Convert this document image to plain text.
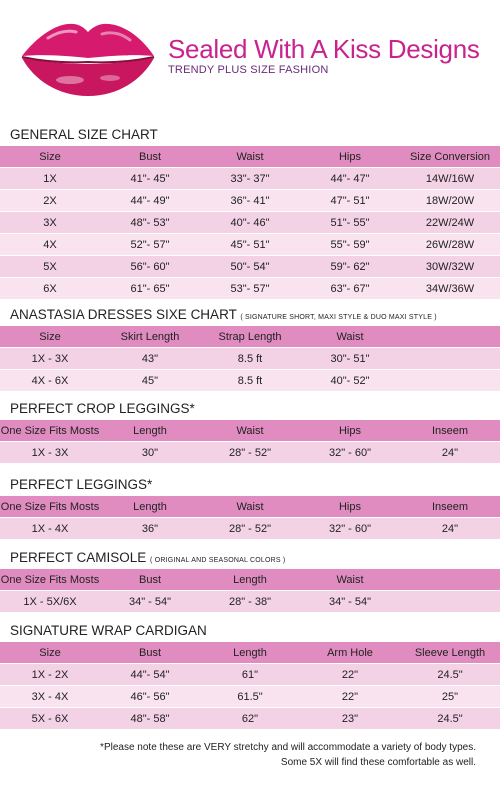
Sealed With A Kiss Designs
TRENDY PLUS SIZE FASHION
GENERAL SIZE CHART
Size	Bust	Waist	Hips	Size Conversion
1X	41"- 45"	33"- 37"	44"- 47"	14W/16W
2X	44"- 49"	36"- 41"	47"- 51"	18W/20W
3X	48"- 53"	40"- 46"	51"- 55"	22W/24W
4X	52"- 57"	45"- 51"	55"- 59"	26W/28W
5X	56"- 60"	50"- 54"	59"- 62"	30W/32W
6X	61"- 65"	53"- 57"	63"- 67"	34W/36W
ANASTASIA DRESSES SIXE CHART ( SIGNATURE SHORT, MAXI STYLE & DUO MAXI STYLE )
Size	Skirt Length	Strap Length	Waist	
1X - 3X	43"	8.5 ft	30"- 51"	
4X - 6X	45"	8.5 ft	40"- 52"	
PERFECT CROP LEGGINGS*
One Size Fits Mosts	Length	Waist	Hips	Inseem
1X - 3X	30"	28" - 52"	32" - 60"	24"
PERFECT LEGGINGS*
One Size Fits Mosts	Length	Waist	Hips	Inseem
1X - 4X	36"	28" - 52"	32" - 60"	24"
PERFECT CAMISOLE ( ORIGINAL AND SEASONAL COLORS )
One Size Fits Mosts	Bust	Length	Waist	
1X - 5X/6X	34" - 54"	28" - 38"	34" - 54"	
SIGNATURE WRAP CARDIGAN
Size	Bust	Length	Arm Hole	Sleeve Length
1X - 2X	44"- 54"	61"	22"	24.5"
3X - 4X	46"- 56"	61.5"	22"	25"
5X - 6X	48"- 58"	62"	23"	24.5"
*Please note these are VERY stretchy and will accommodate a variety of body types.
Some 5X will find these comfortable as well.
